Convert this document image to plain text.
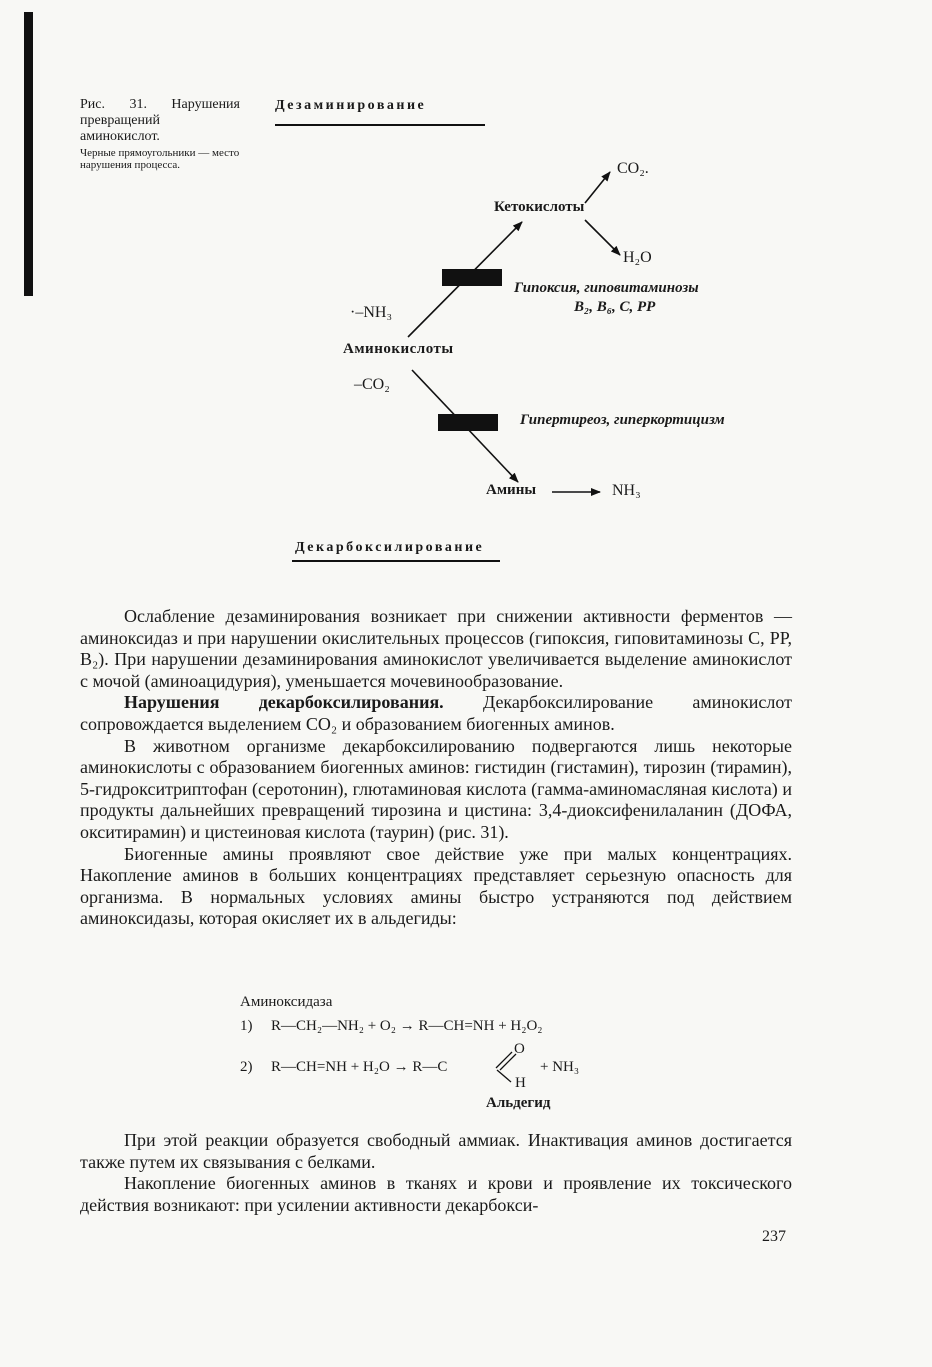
Рис. 31. Нарушения превращений аминокислот.
Черные прямоугольники — место нарушения процесса.
Дезаминирование
Декарбоксилирование
Кетокислоты
CO₂.
H₂O
Гипоксия, гиповитаминозы
B₂, B₆, C, PP
·–NH₃
Аминокислоты
–CO₂
Гипертиреоз, гиперкортицизм
Амины	NH₃

Ослабление дезаминирования возникает при снижении активности ферментов — аминоксидаз и при нарушении окислительных процессов (гипоксия, гиповитаминозы С, РР, В₂). При нарушении дезаминирования аминокислот увеличивается выделение аминокислот с мочой (аминоацидурия), уменьшается мочевинообразование.

Нарушения декарбоксилирования. Декарбоксилирование аминокислот сопровождается выделением CO₂ и образованием биогенных аминов.

В животном организме декарбоксилированию подвергаются лишь некоторые аминокислоты с образованием биогенных аминов: гистидин (гистамин), тирозин (тирамин), 5-гидрокситриптофан (серотонин), глютаминовая кислота (гамма-аминомасляная кислота) и продукты дальнейших превращений тирозина и цистина: 3,4-диоксифенилаланин (ДОФА, окситирамин) и цистеиновая кислота (таурин) (рис. 31).

Биогенные амины проявляют свое действие уже при малых концентрациях. Накопление аминов в больших концентрациях представляет серьезную опасность для организма. В нормальных условиях амины быстро устраняются под действием аминоксидазы, которая окисляет их в альдегиды:

Аминоксидаза
1) R—CH₂—NH₂ + O₂ → R—CH=NH + H₂O₂
2) R—CH=NH + H₂O → R—C
O
H
+ NH₃
Альдегид

При этой реакции образуется свободный аммиак. Инактивация аминов достигается также путем их связывания с белками.

Накопление биогенных аминов в тканях и крови и проявление их токсического действия возникают: при усилении активности декарбокси-

237
